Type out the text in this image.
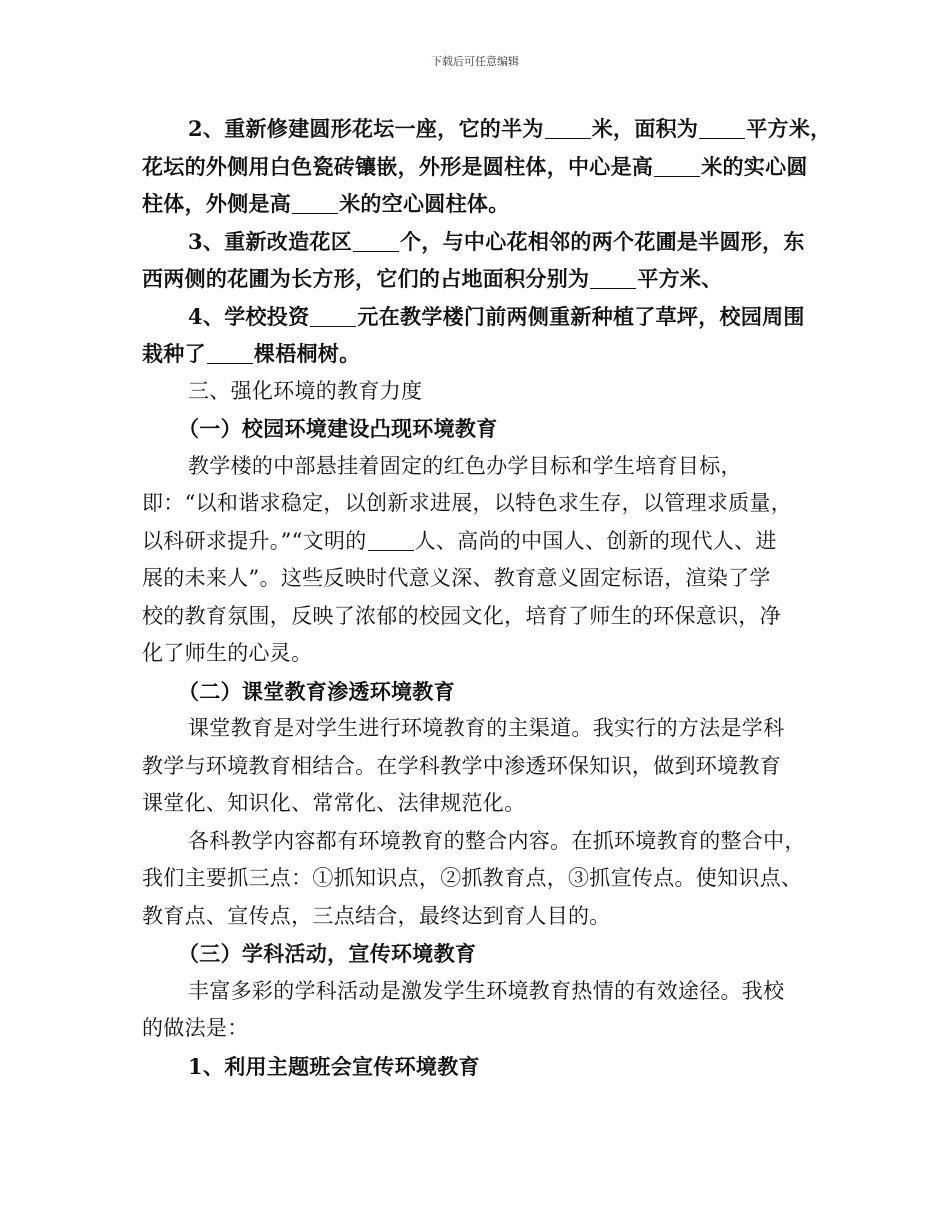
下载后可任意编辑
2、重新修建圆形花坛一座，它的半为 米，面积为 平方米，
花坛的外侧用白色瓷砖镶嵌，外形是圆柱体，中心是高 米的实心圆
柱体，外侧是高 米的空心圆柱体。
3、重新改造花区 个，与中心花相邻的两个花圃是半圆形，东
西两侧的花圃为长方形，它们的占地面积分别为 平方米、
4、学校投资 元在教学楼门前两侧重新种植了草坪，校园周围
栽种了 棵梧桐树。
三、强化环境的教育力度
（一）校园环境建设凸现环境教育
教学楼的中部悬挂着固定的红色办学目标和学生培育目标，
即：“以和谐求稳定，以创新求进展，以特色求生存，以管理求质量，
以科研求提升。”“文明的 人、高尚的中国人、创新的现代人、进
展的未来人”。这些反映时代意义深、教育意义固定标语，渲染了学
校的教育氛围，反映了浓郁的校园文化，培育了师生的环保意识，净
化了师生的心灵。
（二）课堂教育渗透环境教育
课堂教育是对学生进行环境教育的主渠道。我实行的方法是学科
教学与环境教育相结合。在学科教学中渗透环保知识，做到环境教育
课堂化、知识化、常常化、法律规范化。
各科教学内容都有环境教育的整合内容。在抓环境教育的整合中，
我们主要抓三点：①抓知识点，②抓教育点，③抓宣传点。使知识点、
教育点、宣传点，三点结合，最终达到育人目的。
（三）学科活动，宣传环境教育
丰富多彩的学科活动是激发学生环境教育热情的有效途径。我校
的做法是：
1、利用主题班会宣传环境教育
